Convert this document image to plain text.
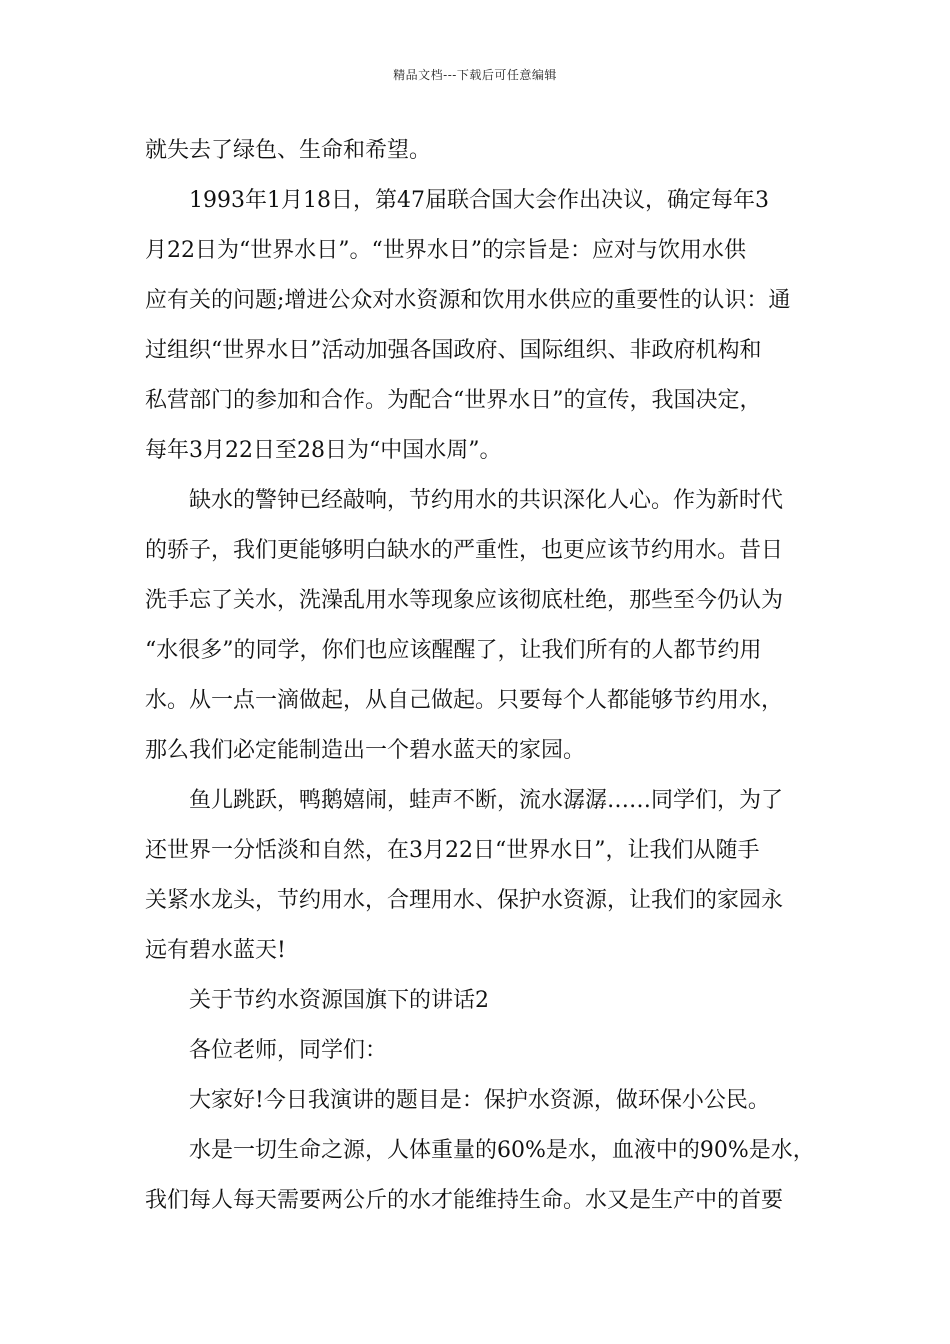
精品文档---下载后可任意编辑
就失去了绿色、生命和希望。
1993年1月18日，第47届联合国大会作出决议，确定每年3
月22日为“世界水日”。“世界水日”的宗旨是：应对与饮用水供
应有关的问题;增进公众对水资源和饮用水供应的重要性的认识：通
过组织“世界水日”活动加强各国政府、国际组织、非政府机构和
私营部门的参加和合作。为配合“世界水日”的宣传，我国决定，
每年3月22日至28日为“中国水周”。
缺水的警钟已经敲响，节约用水的共识深化人心。作为新时代
的骄子，我们更能够明白缺水的严重性，也更应该节约用水。昔日
洗手忘了关水，洗澡乱用水等现象应该彻底杜绝，那些至今仍认为
“水很多”的同学，你们也应该醒醒了，让我们所有的人都节约用
水。从一点一滴做起，从自己做起。只要每个人都能够节约用水，
那么我们必定能制造出一个碧水蓝天的家园。
鱼儿跳跃，鸭鹅嬉闹，蛙声不断，流水潺潺……同学们，为了
还世界一分恬淡和自然，在3月22日“世界水日”，让我们从随手
关紧水龙头，节约用水，合理用水、保护水资源，让我们的家园永
远有碧水蓝天!
关于节约水资源国旗下的讲话2
各位老师，同学们：
大家好!今日我演讲的题目是：保护水资源，做环保小公民。
水是一切生命之源，人体重量的60%是水，血液中的90%是水，
我们每人每天需要两公斤的水才能维持生命。水又是生产中的首要
